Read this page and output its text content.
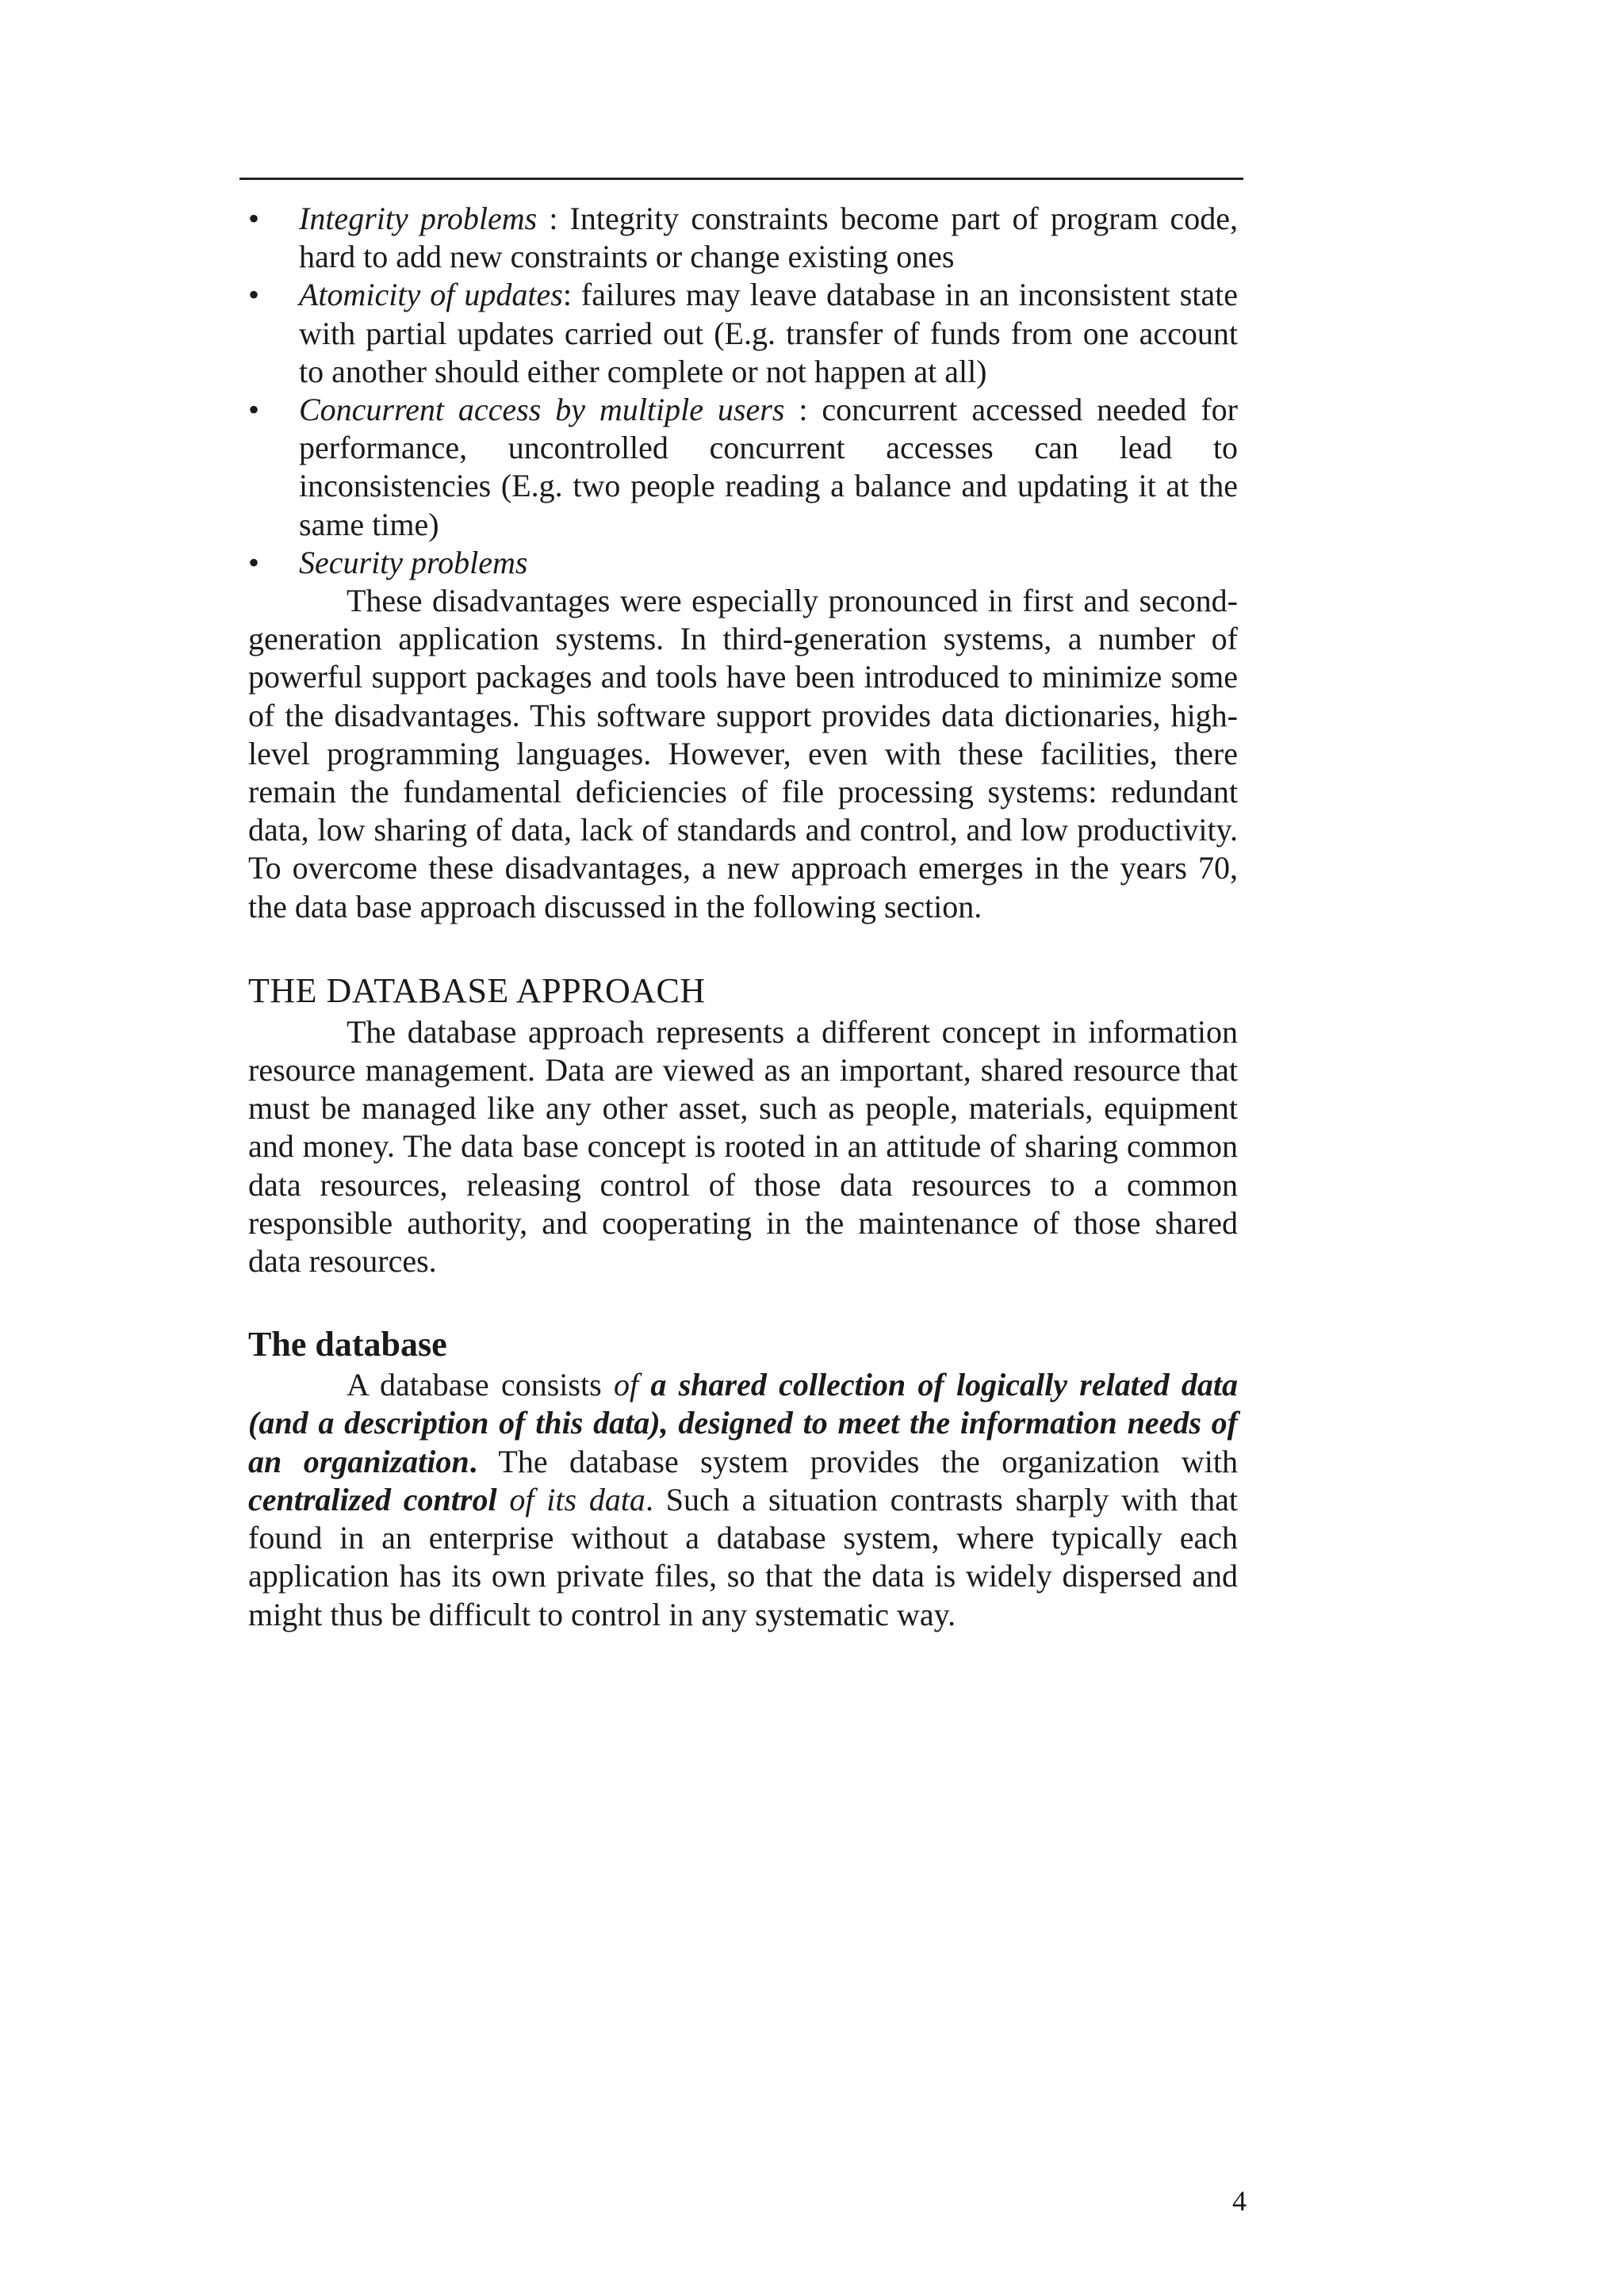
•	Integrity problems : Integrity constraints become part of program code, hard to add new constraints or change existing ones
•	Atomicity of updates: failures may leave database in an inconsistent state with partial updates carried out (E.g. transfer of funds from one account to another should either complete or not happen at all)
•	Concurrent access by multiple users : concurrent accessed needed for performance, uncontrolled concurrent accesses can lead to inconsistencies (E.g. two people reading a balance and updating it at the same time)
•	Security problems

These disadvantages were especially pronounced in first and second-generation application systems. In third-generation systems, a number of powerful support packages and tools have been introduced to minimize some of the disadvantages. This software support provides data dictionaries, high-level programming languages. However, even with these facilities, there remain the fundamental deficiencies of file processing systems: redundant data, low sharing of data, lack of standards and control, and low productivity. To overcome these disadvantages, a new approach emerges in the years 70, the data base approach discussed in the following section.

THE DATABASE APPROACH

The database approach represents a different concept in information resource management. Data are viewed as an important, shared resource that must be managed like any other asset, such as people, materials, equipment and money. The data base concept is rooted in an attitude of sharing common data resources, releasing control of those data resources to a common responsible authority, and cooperating in the maintenance of those shared data resources.

The database

A database consists of a shared collection of logically related data (and a description of this data), designed to meet the information needs of an organization. The database system provides the organization with centralized control of its data. Such a situation contrasts sharply with that found in an enterprise without a database system, where typically each application has its own private files, so that the data is widely dispersed and might thus be difficult to control in any systematic way.

4
